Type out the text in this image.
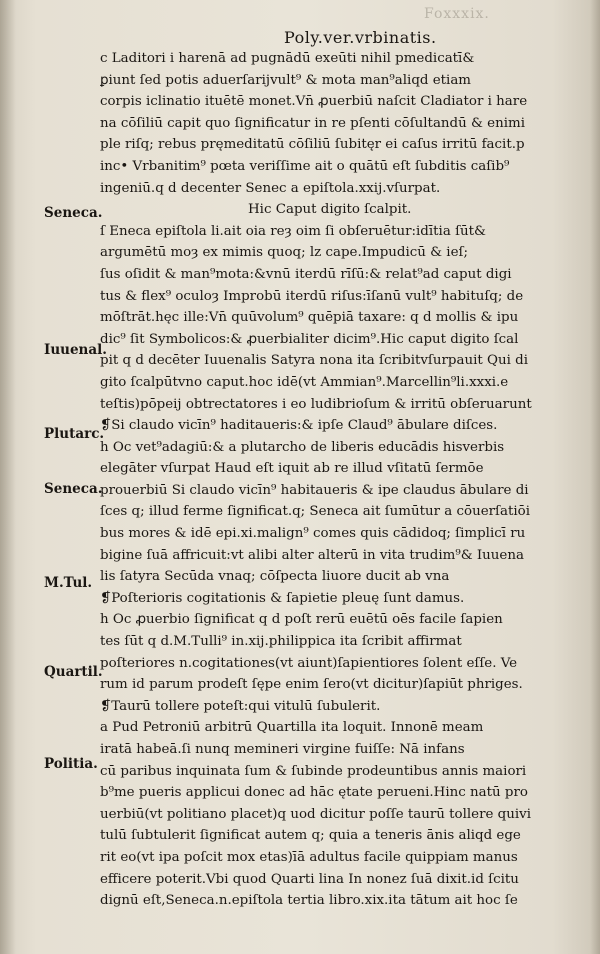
Foxxxix.
Poly.ver.vrbinatis.
Seneca.
Iuuenal.
Plutarc.
Seneca.
M.Tul.
Quartil.
Politia.
c Laditori i harenā ad pugnādū exeūti nihil pmedicatī&
ꝑiunt ſed potis aduerſarijvult⁹ & mota man⁹aliqd etiam
corpis iclinatio ituētē monet.Vn̄ ꝓuerbiū naſcit Cladiator i hare
na cōſiliū capit quo ſignificatur in re pſenti cōſultandū & enimi
ple riſq; rebus pręmeditatū cōſiliū ſubitęr ei caſus irritū facit.p
inc• Vrbanitim⁹ pœta veriſſime ait o quātū eſt ſubditis caſib⁹
ingeniū.q d decenter Senec a epiſtola.xxij.vſurpat.
Hic Caput digito ſcalpit.
ſ Eneca epiſtola li.ait oia reȝ oim ſi obſeruētur:idītia ſūt&
argumētū moȝ ex mimis quoq; lz cape.Impudicū & ieſ;
ſus oſidit & man⁹mota:&vnū iterdū rīſū:& relat⁹ad caput digi
tus & flex⁹ oculoȝ Improbū iterdū riſus:īſanū vult⁹ habituſq; de
mōſtrāt.hęc ille:Vn̄ quūvolum⁹ quēpiā taxare: q d mollis & ipu
dic⁹ ſit Symbolicos:& ꝓuerbialiter dicim⁹.Hic caput digito ſcal
pit q d decēter Iuuenalis Satyra nona ita ſcribitvſurpauit Qui di
gito ſcalpūtvno caput.hoc idē(vt Ammian⁹.Marcellin⁹li.xxxi.e
teſtis)pōpeij obtrectatores i eo ludibrioſum & irritū obſeruarunt
❡Si claudo vicīn⁹ haditaueris:& ipſe Claud⁹ ābulare diſces.
h Oc vet⁹adagiū:& a plutarcho de liberis educādis hisverbis
elegāter vſurpat Haud eſt iquit ab re illud vſitatū ſermōe
prouerbiū Si claudo vicīn⁹ habitaueris & ipe claudus ābulare di
ſces q; illud ferme ſignificat.q; Seneca ait ſumūtur a cōuerſatiōi
bus mores & idē epi.xi.malign⁹ comes quis cādidoq; ſimplicī ru
bigine ſuā affricuit:vt alibi alter alterū in vita trudim⁹& Iuuena
lis ſatyra Secūda vnaq; cōſpecta liuore ducit ab vna
❡Poſterioris cogitationis & ſapietie pleuę ſunt damus.
h Oc ꝓuerbio ſignificat q d poſt rerū euētū oēs facile ſapien
tes ſūt q d.M.Tulli⁹ in.xij.philippica ita ſcribit affirmat
poſteriores n.cogitationes(vt aiunt)ſapientiores ſolent eſſe. Ve
rum id parum prodeſt ſępe enim ſero(vt dicitur)ſapiūt phriges.
❡Taurū tollere poteſt:qui vitulū ſubulerit.
a Pud Petroniū arbitrū Quartilla ita loquit. Innonē meam
iratā habeā.ſi nunq memineri virgine fuiſſe: Nā infans
cū paribus inquinata ſum & ſubinde prodeuntibus annis maiori
b⁹me pueris applicui donec ad hāc ętate perueni.Hinc natū pro
uerbiū(vt politiano placet)q uod dicitur poſſe taurū tollere quivi
tulū ſubtulerit ſignificat autem q; quia a teneris ānis aliqd ege
rit eo(vt ipa poſcit mox etas)īā adultus facile quippiam manus
efficere poterit.Vbi quod Quarti lina In nonez ſuā dixit.id ſcitu
dignū eſt,Seneca.n.epiſtola tertia libro.xix.ita tātum ait hoc ſe
